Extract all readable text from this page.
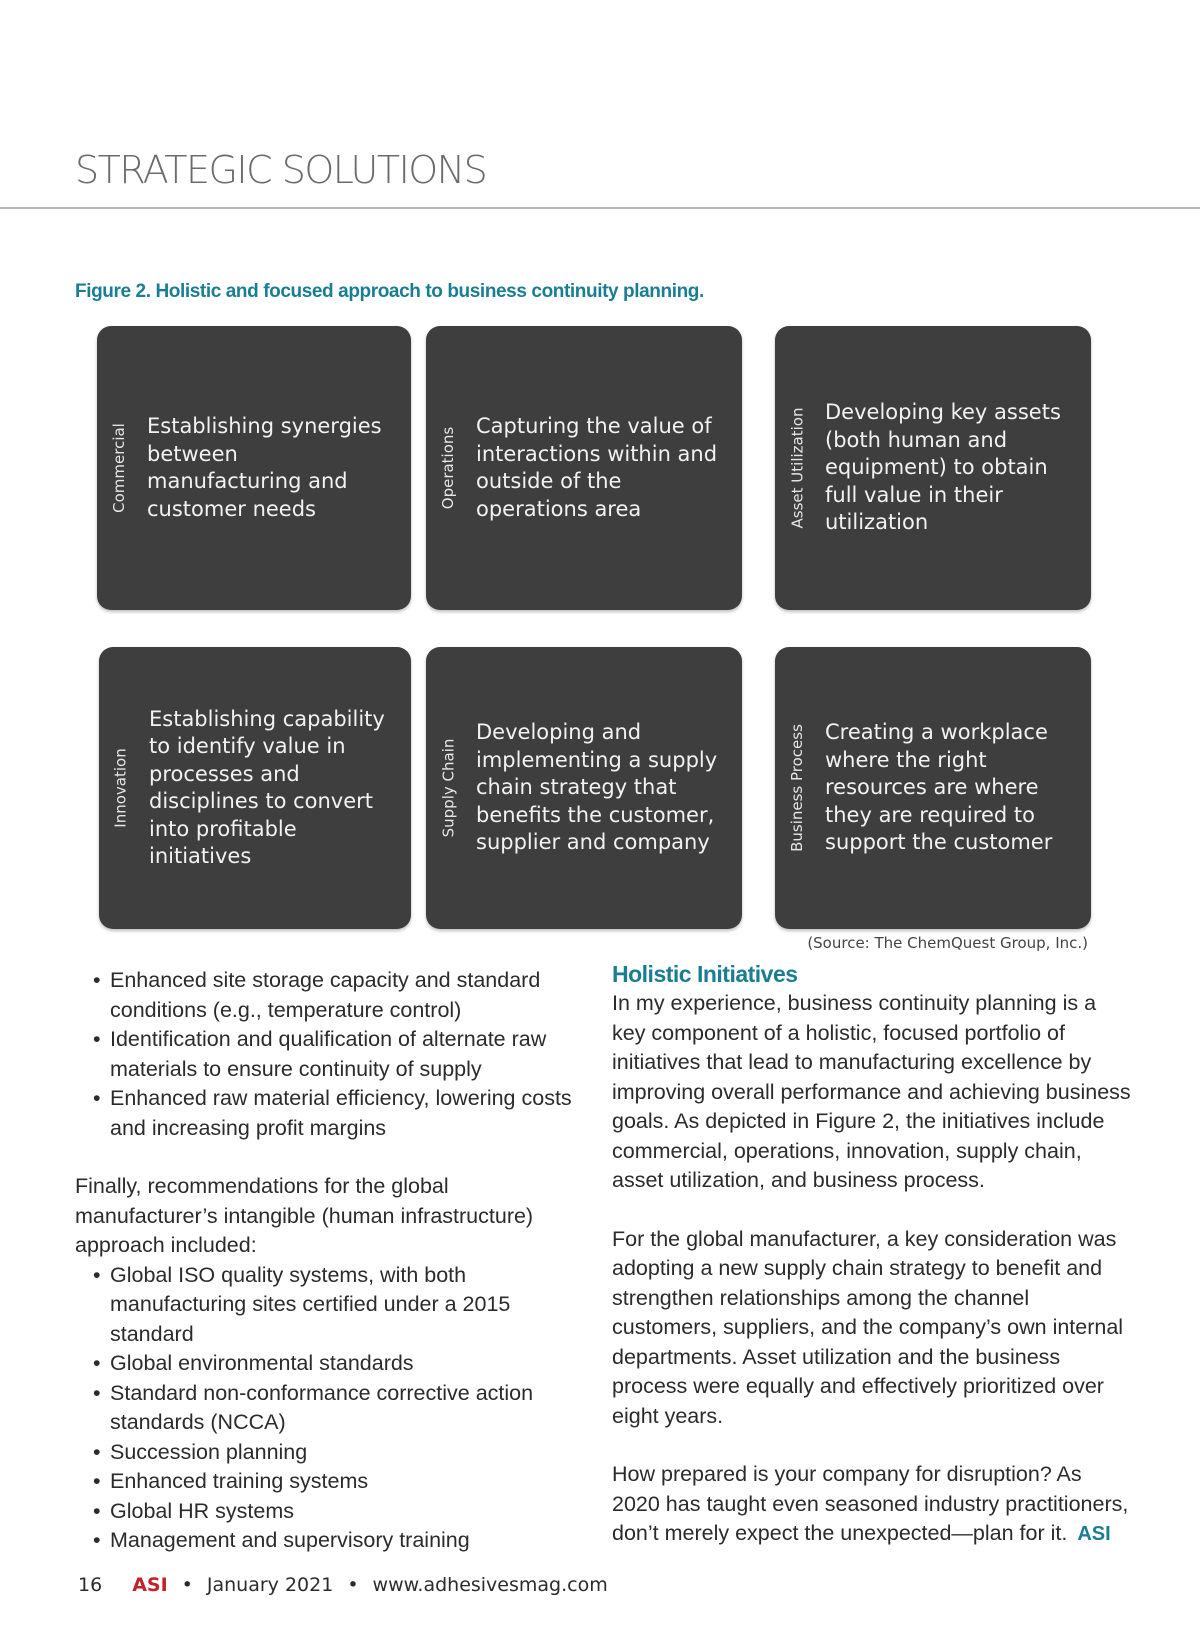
STRATEGIC SOLUTIONS

Figure 2. Holistic and focused approach to business continuity planning.

Commercial Establishing synergies between manufacturing and customer needs	Operations
Capturing the value of interactions within and outside of the operations area	Asset Utilization Developing key assets (both human and equipment) to obtain full value in their utilization
Innovation
Establishing capability to identify value in processes and disciplines to convert into profitable initiatives
Supply Chain
Developing and implementing a supply chain strategy that benefits the customer, supplier and company	Business Process Creating a workplace where the right resources are where they are required to support the customer
(Source: The ChemQuest Group, Inc.)
• Enhanced site storage capacity and standard conditions (e.g., temperature control)
• Identification and qualification of alternate raw materials to ensure continuity of supply
• Enhanced raw material efficiency, lowering costs and increasing profit margins

Finally, recommendations for the global manufacturer’s intangible (human infrastructure) approach included:

• Global ISO quality systems, with both manufacturing sites certified under a 2015 standard
• Global environmental standards
• Standard non-conformance corrective action standards (NCCA)
• Succession planning
• Enhanced training systems
• Global HR systems
• Management and supervisory training
Holistic Initiatives

In my experience, business continuity planning is a key component of a holistic, focused portfolio of initiatives that lead to manufacturing excellence by improving overall performance and achieving business goals. As depicted in Figure 2, the initiatives include commercial, operations, innovation, supply chain, asset utilization, and business process.

For the global manufacturer, a key consideration was adopting a new supply chain strategy to benefit and strengthen relationships among the channel customers, suppliers, and the company’s own internal departments. Asset utilization and the business process were equally and effectively prioritized over eight years.

How prepared is your company for disruption? As 2020 has taught even seasoned industry practitioners, don’t merely expect the unexpected—plan for it. ASI

16 ASI • January 2021 • www.adhesivesmag.com
